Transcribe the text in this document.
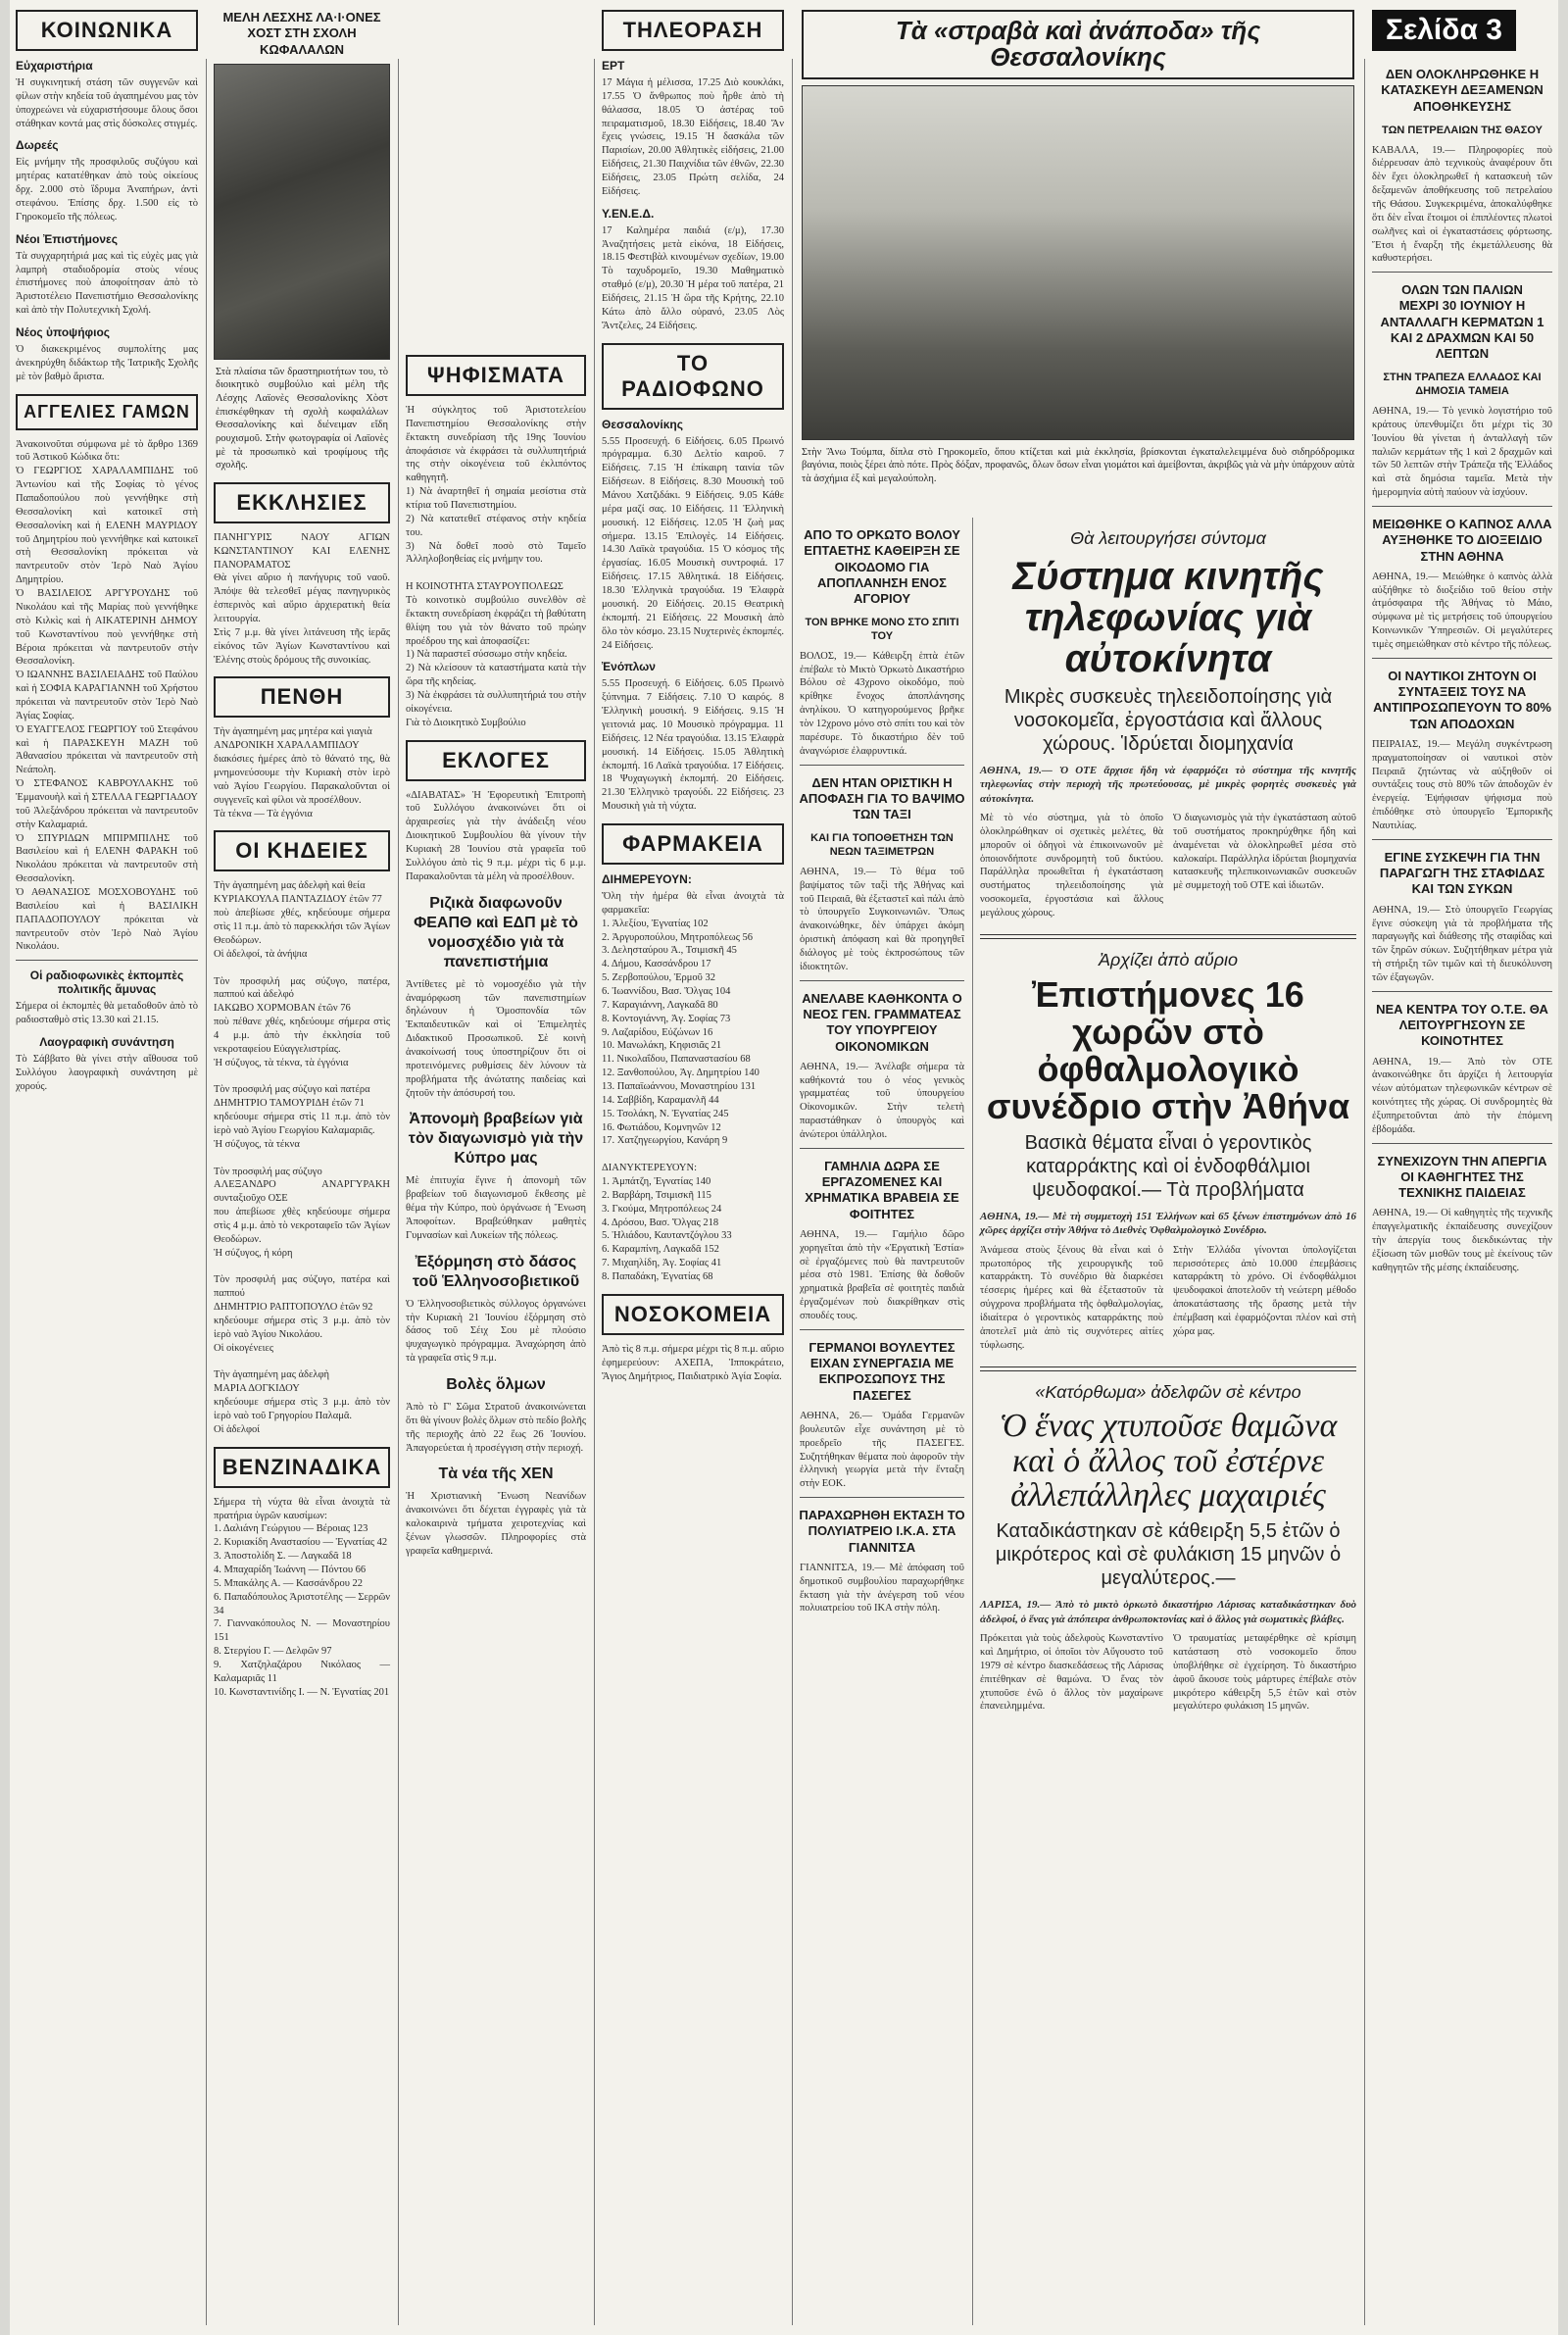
ΚΟΙΝΩΝΙΚΑ
Εὐχαριστήρια
Ἡ συγκινητική στάση τῶν συγγενῶν καὶ φίλων στὴν κηδεία τοῦ ἀγαπημένου μας τὸν ὑποχρεώνει νὰ εὐχαριστήσουμε ὅλους ὅσοι στάθηκαν κοντά μας στὶς δύσκολες στιγμές.
Δωρεές
Εἰς μνήμην τῆς προσφιλοῦς συζύγου καὶ μητέρας κατατέθηκαν ἀπὸ τοὺς οἰκείους δρχ. 2.000 στὸ ἵδρυμα Ἀναπήρων, ἀντὶ στεφάνου. Ἐπίσης δρχ. 1.500 εἰς τὸ Γηροκομεῖο τῆς πόλεως.
Νέοι Ἐπιστήμονες
Τὰ συγχαρητήριά μας καὶ τὶς εὐχὲς μας γιὰ λαμπρὴ σταδιοδρομία στοὺς νέους ἐπιστήμονες ποὺ ἀποφοίτησαν ἀπὸ τὸ Ἀριστοτέλειο Πανεπιστήμιο Θεσσαλονίκης καὶ ἀπὸ τὴν Πολυτεχνικὴ Σχολή.
Νέος ὑποψήφιος
Ὁ διακεκριμένος συμπολίτης μας ἀνεκηρύχθη διδάκτωρ τῆς Ἰατρικῆς Σχολῆς μὲ τὸν βαθμὸ ἄριστα.
ΑΓΓΕΛΙΕΣ ΓΑΜΩΝ
Ἀνακοινοῦται σύμφωνα μὲ τὸ ἄρθρο 1369 τοῦ Ἀστικοῦ Κώδικα ὅτι:
Ὁ ΓΕΩΡΓΙΟΣ ΧΑΡΑΛΑΜΠΙΔΗΣ τοῦ Ἀντωνίου καὶ τῆς Σοφίας τὸ γένος Παπαδοπούλου ποὺ γεννήθηκε στὴ Θεσσαλονίκη καὶ κατοικεῖ στὴ Θεσσαλονίκη καὶ ἡ ΕΛΕΝΗ ΜΑΥΡΙΔΟΥ τοῦ Δημητρίου ποὺ γεννήθηκε καὶ κατοικεῖ στὴ Θεσσαλονίκη πρόκειται νὰ παντρευτοῦν στὸν Ἱερὸ Ναὸ Ἁγίου Δημητρίου.
Ὁ ΒΑΣΙΛΕΙΟΣ ΑΡΓΥΡΟΥΔΗΣ τοῦ Νικολάου καὶ τῆς Μαρίας ποὺ γεννήθηκε στὸ Κιλκὶς καὶ ἡ ΑΙΚΑΤΕΡΙΝΗ ΔΗΜΟΥ τοῦ Κωνσταντίνου ποὺ γεννήθηκε στὴ Βέροια πρόκειται νὰ παντρευτοῦν στὴν Θεσσαλονίκη.
Ὁ ΙΩΑΝΝΗΣ ΒΑΣΙΛΕΙΑΔΗΣ τοῦ Παύλου καὶ ἡ ΣΟΦΙΑ ΚΑΡΑΓΙΑΝΝΗ τοῦ Χρήστου πρόκειται νὰ παντρευτοῦν στὸν Ἱερὸ Ναὸ Ἁγίας Σοφίας.
Ὁ ΕΥΑΓΓΕΛΟΣ ΓΕΩΡΓΙΟΥ τοῦ Στεφάνου καὶ ἡ ΠΑΡΑΣΚΕΥΗ ΜΑΖΗ τοῦ Ἀθανασίου πρόκειται νὰ παντρευτοῦν στὴ Νεάπολη.
Ὁ ΣΤΕΦΑΝΟΣ ΚΑΒΡΟΥΛΑΚΗΣ τοῦ Ἐμμανουὴλ καὶ ἡ ΣΤΕΛΛΑ ΓΕΩΡΓΙΑΔΟΥ τοῦ Ἀλεξάνδρου πρόκειται νὰ παντρευτοῦν στὴν Καλαμαριά.
Ὁ ΣΠΥΡΙΔΩΝ ΜΠΙΡΜΠΙΛΗΣ τοῦ Βασιλείου καὶ ἡ ΕΛΕΝΗ ΦΑΡΑΚΗ τοῦ Νικολάου πρόκειται νὰ παντρευτοῦν στὴ Θεσσαλονίκη.
Ὁ ΑΘΑΝΑΣΙΟΣ ΜΟΣΧΟΒΟΥΔΗΣ τοῦ Βασιλείου καὶ ἡ ΒΑΣΙΛΙΚΗ ΠΑΠΑΔΟΠΟΥΛΟΥ πρόκειται νὰ παντρευτοῦν στὸν Ἱερὸ Ναὸ Ἁγίου Νικολάου.
Οἱ ραδιοφωνικὲς ἐκπομπὲς πολιτικῆς ἄμυνας
Σήμερα οἱ ἐκπομπὲς θὰ μεταδοθοῦν ἀπὸ τὸ ραδιοσταθμὸ στὶς 13.30 καὶ 21.15.
Λαογραφικὴ συνάντηση
Τὸ Σάββατο θὰ γίνει στὴν αἴθουσα τοῦ Συλλόγου λαογραφικὴ συνάντηση μὲ χορούς.
ΜΕΛΗ ΛΕΣΧΗΣ ΛΑ·Ι·ΟΝΕΣ ΧΟΣΤ ΣΤΗ ΣΧΟΛΗ ΚΩΦΑΛΑΛΩΝ
Στὰ πλαίσια τῶν δραστηριοτήτων του, τὸ διοικητικὸ συμβούλιο καὶ μέλη τῆς Λέσχης Λαϊονὲς Θεσσαλονίκης Χὸστ ἐπισκέφθηκαν τὴ σχολὴ κωφαλάλων Θεσσαλονίκης καὶ διένειμαν εἴδη ρουχισμοῦ. Στὴν φωτογραφία οἱ Λαϊονὲς μὲ τὰ προσωπικὸ καὶ τροφίμους τῆς σχολῆς.
ΕΚΚΛΗΣΙΕΣ
ΠΑΝΗΓΥΡΙΣ ΝΑΟΥ ΑΓΙΩΝ ΚΩΝΣΤΑΝΤΙΝΟΥ ΚΑΙ ΕΛΕΝΗΣ ΠΑΝΟΡΑΜΑΤΟΣ
Θὰ γίνει αὔριο ἡ πανήγυρις τοῦ ναοῦ. Ἀπόψε θὰ τελεσθεῖ μέγας πανηγυρικὸς ἑσπερινὸς καὶ αὔριο ἀρχιερατικὴ θεία λειτουργία.
Στὶς 7 μ.μ. θὰ γίνει λιτάνευση τῆς ἱερᾶς εἰκόνος τῶν Ἁγίων Κωνσταντίνου καὶ Ἑλένης στοὺς δρόμους τῆς συνοικίας.
ΠΕΝΘΗ
Τὴν ἀγαπημένη μας μητέρα καὶ γιαγιὰ
ΑΝΔΡΟΝΙΚΗ ΧΑΡΑΛΑΜΠΙΔΟΥ
διακόσιες ἡμέρες ἀπὸ τὸ θάνατό της, θὰ μνημονεύσουμε τὴν Κυριακὴ στὸν ἱερὸ ναὸ Ἁγίου Γεωργίου. Παρακαλοῦνται οἱ συγγενεῖς καὶ φίλοι νὰ προσέλθουν.
Τὰ τέκνα — Τὰ ἐγγόνια
ΟΙ ΚΗΔΕΙΕΣ
Τὴν ἀγαπημένη μας ἀδελφὴ καὶ θεία
ΚΥΡΙΑΚΟΥΛΑ ΠΑΝΤΑΖΙΔΟΥ ἐτῶν 77
ποὺ ἀπεβίωσε χθές, κηδεύουμε σήμερα στὶς 11 π.μ. ἀπὸ τὸ παρεκκλήσι τῶν Ἁγίων Θεοδώρων.
Οἱ ἀδελφοί, τὰ ἀνήψια

Τὸν προσφιλή μας σύζυγο, πατέρα, παππού καὶ ἀδελφό
ΙΑΚΩΒΟ ΧΟΡΜΟΒΑΝ ἐτῶν 76
ποὺ πέθανε χθές, κηδεύουμε σήμερα στὶς 4 μ.μ. ἀπὸ τὴν ἐκκλησία τοῦ νεκροταφείου Εὐαγγελιστρίας.
Ἡ σύζυγος, τὰ τέκνα, τὰ ἐγγόνια

Τὸν προσφιλή μας σύζυγο καὶ πατέρα
ΔΗΜΗΤΡΙΟ ΤΑΜΟΥΡΙΔΗ ἐτῶν 71
κηδεύουμε σήμερα στὶς 11 π.μ. ἀπὸ τὸν ἱερὸ ναὸ Ἁγίου Γεωργίου Καλαμαριᾶς.
Ἡ σύζυγος, τὰ τέκνα

Τὸν προσφιλή μας σύζυγο
ΑΛΕΞΑΝΔΡΟ ΑΝΑΡΓΥΡΑΚΗ συνταξιοῦχο ΟΣΕ
που ἀπεβίωσε χθὲς κηδεύουμε σήμερα στὶς 4 μ.μ. ἀπὸ τὸ νεκροταφεῖο τῶν Ἁγίων Θεοδώρων.
Ἡ σύζυγος, ἡ κόρη

Τὸν προσφιλή μας σύζυγο, πατέρα καὶ παππού
ΔΗΜΗΤΡΙΟ ΡΑΠΤΟΠΟΥΛΟ ἐτῶν 92
κηδεύουμε σήμερα στὶς 3 μ.μ. ἀπὸ τὸν ἱερὸ ναὸ Ἁγίου Νικολάου.
Οἱ οἰκογένειες

Τὴν ἀγαπημένη μας ἀδελφὴ
ΜΑΡΙΑ ΔΟΓΚΙΔΟΥ
κηδεύουμε σήμερα στὶς 3 μ.μ. ἀπὸ τὸν ἱερὸ ναὸ τοῦ Γρηγορίου Παλαμᾶ.
Οἱ ἀδελφοί
ΒΕΝΖΙΝΑΔΙΚΑ
Σήμερα τὴ νύχτα θὰ εἶναι ἀνοιχτὰ τὰ πρατήρια ὑγρῶν καυσίμων:
1. Δαλιάνη Γεώργιου — Βέροιας 123
2. Κυριακίδη Αναστασίου — Ἐγνατίας 42
3. Ἀποστολίδη Σ. — Λαγκαδᾶ 18
4. Μπαχαρίδη Ἰωάννη — Πόντου 66
5. Μπακάλης Α. — Κασσάνδρου 22
6. Παπαδόπουλος Ἀριστοτέλης — Σερρῶν 34
7. Γιαννακόπουλος Ν. — Μοναστηρίου 151
8. Στεργίου Γ. — Δελφῶν 97
9. Χατζηλαζάρου Νικόλαος — Καλαμαριᾶς 11
10. Κωνσταντινίδης Ι. — Ν. Ἐγνατίας 201
ΤΗΛΕΟΡΑΣΗ
ΕΡΤ
17 Μάγια ἡ μέλισσα, 17.25 Διὸ κουκλάκι, 17.55 Ὁ ἄνθρωπος ποὺ ἦρθε ἀπὸ τὴ θάλασσα, 18.05 Ὁ ἀστέρας τοῦ πειραματισμοῦ, 18.30 Εἰδήσεις, 18.40 Ἄν ἔχεις γνώσεις, 19.15 Ἡ δασκάλα τῶν Παρισίων, 20.00 Ἀθλητικὲς εἰδήσεις, 21.00 Εἰδήσεις, 21.30 Παιχνίδια τῶν ἐθνῶν, 22.30 Εἰδήσεις, 23.05 Πρώτη σελίδα, 24 Εἰδήσεις.
Υ.ΕΝ.Ε.Δ.
17 Καλημέρα παιδιά (ε/μ), 17.30 Ἀναζητήσεις μετὰ εἰκόνα, 18 Εἰδήσεις, 18.15 Φεστιβὰλ κινουμένων σχεδίων, 19.00 Τὸ ταχυδρομεῖο, 19.30 Μαθηματικὸ σταθμό (ε/μ), 20.30 Ἡ μέρα τοῦ πατέρα, 21 Εἰδήσεις, 21.15 Ἡ ὥρα τῆς Κρήτης, 22.10 Κάτω ἀπὸ ἄλλο οὐρανό, 23.05 Λὸς Ἄντζελες, 24 Εἰδήσεις.
ΤΟ ΡΑΔΙΟΦΩΝΟ
Θεσσαλονίκης
5.55 Προσευχή. 6 Εἰδήσεις. 6.05 Πρωινό πρόγραμμα. 6.30 Δελτίο καιροῦ. 7 Εἰδήσεις. 7.15 Ἡ ἐπίκαιρη ταινία τῶν Εἰδήσεων. 8 Εἰδήσεις. 8.30 Μουσικὴ τοῦ Μάνου Χατζιδάκι. 9 Εἰδήσεις. 9.05 Κάθε μέρα μαζί σας. 10 Εἰδήσεις. 11 Ἐλληνικὴ μουσική. 12 Εἰδήσεις. 12.05 Ἡ ζωὴ μας σήμερα. 13.15 Ἐπιλογὲς. 14 Εἰδήσεις. 14.30 Λαϊκὰ τραγούδια. 15 Ὁ κόσμος τῆς ἐργασίας. 16.05 Μουσικὴ συντροφιά. 17 Εἰδήσεις. 17.15 Ἀθλητικά. 18 Εἰδήσεις. 18.30 Ἐλληνικὰ τραγούδια. 19 Ἐλαφρὰ μουσική. 20 Εἰδήσεις. 20.15 Θεατρικὴ ἐκπομπή. 21 Εἰδήσεις. 22 Μουσικὴ ἀπὸ ὅλο τὸν κόσμο. 23.15 Νυχτερινὲς ἐκπομπές. 24 Εἰδήσεις.
Ἐνόπλων
5.55 Προσευχή. 6 Εἰδήσεις. 6.05 Πρωινὸ ξύπνημα. 7 Εἰδήσεις. 7.10 Ὁ καιρός. 8 Ἐλληνικὴ μουσική. 9 Εἰδήσεις. 9.15 Ἡ γειτονιά μας. 10 Μουσικὸ πρόγραμμα. 11 Εἰδήσεις. 12 Νέα τραγούδια. 13.15 Ἐλαφρὰ μουσική. 14 Εἰδήσεις. 15.05 Ἀθλητικὴ ἐκπομπή. 16 Λαϊκὰ τραγούδια. 17 Εἰδήσεις. 18 Ψυχαγωγικὴ ἐκπομπή. 20 Εἰδήσεις. 21.30 Ἐλληνικὸ τραγούδι. 22 Εἰδήσεις. 23 Μουσικὴ γιὰ τὴ νύχτα.
ΦΑΡΜΑΚΕΙΑ
ΔΙΗΜΕΡΕΥΟΥΝ:
Ὅλη τὴν ἡμέρα θὰ εἶναι ἀνοιχτὰ τὰ φαρμακεῖα:
1. Ἀλεξίου, Ἐγνατίας 102
2. Ἀργυροπούλου, Μητροπόλεως 56
3. Δελησταύρου Ἀ., Τσιμισκῆ 45
4. Δήμου, Κασσάνδρου 17
5. Ζερβοπούλου, Ἑρμοῦ 32
6. Ἰωαννίδου, Βασ. Ὄλγας 104
7. Καραγιάννη, Λαγκαδᾶ 80
8. Κοντογιάννη, Ἀγ. Σοφίας 73
9. Λαζαρίδου, Εὐζώνων 16
10. Μανωλάκη, Κηφισιᾶς 21
11. Νικολαΐδου, Παπαναστασίου 68
12. Ξανθοπούλου, Ἁγ. Δημητρίου 140
13. Παπαϊωάννου, Μοναστηρίου 131
14. Σαββίδη, Καραμανλῆ 44
15. Τσολάκη, Ν. Ἐγνατίας 245
16. Φωτιάδου, Κομνηνῶν 12
17. Χατζηγεωργίου, Κανάρη 9

ΔΙΑΝΥΚΤΕΡΕΥΟΥΝ:
1. Ἀμπάτζη, Ἐγνατίας 140
2. Βαρβάρη, Τσιμισκῆ 115
3. Γκούμα, Μητροπόλεως 24
4. Δρόσου, Βασ. Ὄλγας 218
5. Ἡλιάδου, Καυταντζόγλου 33
6. Καραμπίνη, Λαγκαδᾶ 152
7. Μιχαηλίδη, Ἀγ. Σοφίας 41
8. Παπαδάκη, Ἐγνατίας 68
ΝΟΣΟΚΟΜΕΙΑ
Ἀπὸ τὶς 8 π.μ. σήμερα μέχρι τὶς 8 π.μ. αὔριο ἐφημερεύουν: ΑΧΕΠΑ, Ἱπποκράτειο, Ἅγιος Δημήτριος, Παιδιατρικὸ Ἁγία Σοφία.
ΨΗΦΙΣΜΑΤΑ
Ἡ σύγκλητος τοῦ Ἀριστοτελείου Πανεπιστημίου Θεσσαλονίκης στὴν ἔκτακτη συνεδρίαση τῆς 19ης Ἰουνίου ἀποφάσισε νὰ ἐκφράσει τὰ συλλυπητήριά της στὴν οἰκογένεια τοῦ ἐκλιπόντος καθηγητῆ.
1) Νὰ ἀναρτηθεῖ ἡ σημαία μεσίστια στὰ κτίρια τοῦ Πανεπιστημίου.
2) Νὰ κατατεθεῖ στέφανος στὴν κηδεία του.
3) Νὰ δοθεῖ ποσὸ στὸ Ταμεῖο Ἀλληλοβοηθείας εἰς μνήμην του.

Η ΚΟΙΝΟΤΗΤΑ ΣΤΑΥΡΟΥΠΟΛΕΩΣ
Τὸ κοινοτικὸ συμβούλιο συνελθὸν σὲ ἔκτακτη συνεδρίαση ἐκφράζει τὴ βαθύτατη θλίψη του γιὰ τὸν θάνατο τοῦ πρώην προέδρου της καὶ ἀποφασίζει:
1) Νὰ παραστεῖ σύσσωμο στὴν κηδεία.
2) Νὰ κλείσουν τὰ καταστήματα κατὰ τὴν ὥρα τῆς κηδείας.
3) Νὰ ἐκφράσει τὰ συλλυπητήριά του στὴν οἰκογένεια.
Γιὰ τὸ Διοικητικὸ Συμβούλιο
ΕΚΛΟΓΕΣ
«ΔΙΑΒΑΤΑΣ» Ἡ Ἐφορευτικὴ Ἐπιτροπὴ τοῦ Συλλόγου ἀνακοινώνει ὅτι οἱ ἀρχαιρεσίες γιὰ τὴν ἀνάδειξη νέου Διοικητικοῦ Συμβουλίου θὰ γίνουν τὴν Κυριακὴ 28 Ἰουνίου στὰ γραφεῖα τοῦ Συλλόγου ἀπὸ τὶς 9 π.μ. μέχρι τὶς 6 μ.μ. Παρακαλοῦνται τὰ μέλη νὰ προσέλθουν.
Ριζικὰ διαφωνοῦν ΦΕΑΠΘ καὶ ΕΔΠ μὲ τὸ νομοσχέδιο γιὰ τὰ πανεπιστήμια
Ἀντίθετες μὲ τὸ νομοσχέδιο γιὰ τὴν ἀναμόρφωση τῶν πανεπιστημίων δηλώνουν ἡ Ὁμοσπονδία τῶν Ἐκπαιδευτικῶν καὶ οἱ Ἐπιμελητὲς Διδακτικοῦ Προσωπικοῦ. Σὲ κοινὴ ἀνακοίνωσή τους ὑποστηρίζουν ὅτι οἱ προτεινόμενες ρυθμίσεις δὲν λύνουν τὰ προβλήματα τῆς ἀνώτατης παιδείας καὶ ζητοῦν τὴν ἀπόσυρσή του.
Ἀπονομὴ βραβείων γιὰ τὸν διαγωνισμὸ γιὰ τὴν Κύπρο μας
Μὲ ἐπιτυχία ἔγινε ἡ ἀπονομὴ τῶν βραβείων τοῦ διαγωνισμοῦ ἔκθεσης μὲ θέμα τὴν Κύπρο, ποὺ ὀργάνωσε ἡ Ἕνωση Ἀποφοίτων. Βραβεύθηκαν μαθητὲς Γυμνασίων καὶ Λυκείων τῆς πόλεως.
Ἐξόρμηση στὸ δάσος τοῦ Ἑλληνοσοβιετικοῦ
Ὁ Ἑλληνοσοβιετικὸς σύλλογος ὀργανώνει τὴν Κυριακὴ 21 Ἰουνίου ἐξόρμηση στὸ δάσος τοῦ Σέιχ Σου μὲ πλούσιο ψυχαγωγικὸ πρόγραμμα. Ἀναχώρηση ἀπὸ τὰ γραφεῖα στὶς 9 π.μ.
Βολὲς ὅλμων
Ἀπὸ τὸ Γ' Σῶμα Στρατοῦ ἀνακοινώνεται ὅτι θὰ γίνουν βολὲς ὅλμων στὸ πεδίο βολῆς τῆς περιοχῆς ἀπὸ 22 ἕως 26 Ἰουνίου. Ἀπαγορεύεται ἡ προσέγγιση στὴν περιοχή.
Τὰ νέα τῆς ΧΕΝ
Ἡ Χριστιανικὴ Ἕνωση Νεανίδων ἀνακοινώνει ὅτι δέχεται ἐγγραφὲς γιὰ τὰ καλοκαιρινὰ τμήματα χειροτεχνίας καὶ ξένων γλωσσῶν. Πληροφορίες στὰ γραφεῖα καθημερινά.
Τὰ «στραβὰ καὶ ἀνάποδα» τῆς Θεσσαλονίκης
Στὴν Ἄνω Τούμπα, δίπλα στὸ Γηροκομεῖο, ὅπου κτίζεται καὶ μιὰ ἐκκλησία, βρίσκονται ἐγκαταλελειμμένα δυὸ σιδηρόδρομικα βαγόνια, ποιὸς ξέρει ἀπὸ πότε. Πρὸς δόξαν, προφανῶς, ὅλων ὅσων εἶναι γιομάτοι καὶ ἀμείβονται, ἀκριβῶς γιὰ νὰ μὴν ὑπάρχουν αὐτὰ τὰ ἀσχήμια ἐξ καὶ μεγαλούπολη.
ΑΠΟ ΤΟ ΟΡΚΩΤΟ ΒΟΛΟΥ
ΕΠΤΑΕΤΗΣ ΚΑΘΕΙΡΞΗ ΣΕ ΟΙΚΟΔΟΜΟ ΓΙΑ ΑΠΟΠΛΑΝΗΣΗ ΕΝΟΣ ΑΓΟΡΙΟΥ
ΤΟΝ ΒΡΗΚΕ ΜΟΝΟ ΣΤΟ ΣΠΙΤΙ ΤΟΥ
ΒΟΛΟΣ, 19.— Κάθειρξη ἑπτὰ ἐτῶν ἐπέβαλε τὸ Μικτὸ Ὁρκωτὸ Δικαστήριο Βόλου σὲ 43χρονο οἰκοδόμο, ποὺ κρίθηκε ἔνοχος ἀποπλάνησης ἀνηλίκου. Ὁ κατηγορούμενος βρῆκε τὸν 12χρονο μόνο στὸ σπίτι του καὶ τὸν παρέσυρε. Τὸ δικαστήριο δὲν τοῦ ἀναγνώρισε ἐλαφρυντικά.
ΔΕΝ ΗΤΑΝ ΟΡΙΣΤΙΚΗ Η ΑΠΟΦΑΣΗ ΓΙΑ ΤΟ ΒΑΨΙΜΟ ΤΩΝ ΤΑΞΙ
ΚΑΙ ΓΙΑ ΤΟΠΟΘΕΤΗΣΗ ΤΩΝ ΝΕΩΝ ΤΑΞΙΜΕΤΡΩΝ
ΑΘΗΝΑ, 19.— Τὸ θέμα τοῦ βαψίματος τῶν ταξὶ τῆς Ἀθήνας καὶ τοῦ Πειραιᾶ, θὰ ἐξεταστεῖ καὶ πάλι ἀπὸ τὸ ὑπουργεῖο Συγκοινωνιῶν. Ὅπως ἀνακοινώθηκε, δὲν ὑπάρχει ἀκόμη ὁριστικὴ ἀπόφαση καὶ θὰ προηγηθεῖ διάλογος μὲ τοὺς ἐκπροσώπους τῶν ἰδιοκτητῶν.
ΑΝΕΛΑΒΕ ΚΑΘΗΚΟΝΤΑ Ο ΝΕΟΣ ΓΕΝ. ΓΡΑΜΜΑΤΕΑΣ ΤΟΥ ΥΠΟΥΡΓΕΙΟΥ ΟΙΚΟΝΟΜΙΚΩΝ
ΑΘΗΝΑ, 19.— Ἀνέλαβε σήμερα τὰ καθήκοντά του ὁ νέος γενικὸς γραμματέας τοῦ ὑπουργείου Οἰκονομικῶν. Στὴν τελετὴ παραστάθηκαν ὁ ὑπουργὸς καὶ ἀνώτεροι ὑπάλληλοι.
ΓΑΜΗΛΙΑ ΔΩΡΑ ΣΕ ΕΡΓΑΖΟΜΕΝΕΣ ΚΑΙ ΧΡΗΜΑΤΙΚΑ ΒΡΑΒΕΙΑ ΣΕ ΦΟΙΤΗΤΕΣ
ΑΘΗΝΑ, 19.— Γαμήλιο δῶρο χορηγεῖται ἀπὸ τὴν «Ἐργατικὴ Ἑστία» σὲ ἐργαζόμενες ποὺ θὰ παντρευτοῦν μέσα στὸ 1981. Ἐπίσης θὰ δοθοῦν χρηματικὰ βραβεῖα σὲ φοιτητὲς παιδιὰ ἐργαζομένων ποὺ διακρίθηκαν στὶς σπουδές τους.
ΓΕΡΜΑΝΟΙ ΒΟΥΛΕΥΤΕΣ ΕΙΧΑΝ ΣΥΝΕΡΓΑΣΙΑ ΜΕ ΕΚΠΡΟΣΩΠΟΥΣ ΤΗΣ ΠΑΣΕΓΕΣ
ΑΘΗΝΑ, 26.— Ὁμάδα Γερμανῶν βουλευτῶν εἶχε συνάντηση μὲ τὸ προεδρεῖο τῆς ΠΑΣΕΓΕΣ. Συζητήθηκαν θέματα ποὺ ἀφοροῦν τὴν ἑλληνικὴ γεωργία μετὰ τὴν ἔνταξη στὴν ΕΟΚ.
ΠΑΡΑΧΩΡΗΘΗ ΕΚΤΑΣΗ ΤΟ ΠΟΛΥΙΑΤΡΕΙΟ Ι.Κ.Α. ΣΤΑ ΓΙΑΝΝΙΤΣΑ
ΓΙΑΝΝΙΤΣΑ, 19.— Μὲ ἀπόφαση τοῦ δημοτικοῦ συμβουλίου παραχωρήθηκε ἔκταση γιὰ τὴν ἀνέγερση τοῦ νέου πολυιατρείου τοῦ ΙΚΑ στὴν πόλη.
Θὰ λειτουργήσει σύντομα
Σύστημα κινητῆς τηλεφωνίας γιὰ αὐτοκίνητα
Μικρὲς συσκευὲς τηλεειδοποίησης γιὰ νοσοκομεῖα, ἐργοστάσια καὶ ἄλλους χώρους. Ἱδρύεται διομηχανία
ΑΘΗΝΑ, 19.— Ὁ ΟΤΕ ἄρχισε ἤδη νὰ ἐφαρμόζει τὸ σύστημα τῆς κινητῆς τηλεφωνίας στὴν περιοχὴ τῆς πρωτεύουσας, μὲ μικρὲς φορητὲς συσκευὲς γιὰ αὐτοκίνητα.
Μὲ τὸ νέο σύστημα, γιὰ τὸ ὁποῖο ὁλοκληρώθηκαν οἱ σχετικὲς μελέτες, θὰ μποροῦν οἱ ὀδηγοὶ νὰ ἐπικοινωνοῦν μὲ ὁποιονδήποτε συνδρομητὴ τοῦ δικτύου. Παράλληλα προωθεῖται ἡ ἐγκατάσταση συστήματος τηλεειδοποίησης γιὰ νοσοκομεῖα, ἐργοστάσια καὶ ἄλλους μεγάλους χώρους.
Ὁ διαγωνισμὸς γιὰ τὴν ἐγκατάσταση αὐτοῦ τοῦ συστήματος προκηρύχθηκε ἤδη καὶ ἀναμένεται νὰ ὁλοκληρωθεῖ μέσα στὸ καλοκαίρι. Παράλληλα ἱδρύεται βιομηχανία κατασκευῆς τηλεπικοινωνιακῶν συσκευῶν μὲ συμμετοχὴ τοῦ ΟΤΕ καὶ ἰδιωτῶν.
Ἀρχίζει ἀπὸ αὔριο
Ἐπιστήμονες 16 χωρῶν στὸ ὀφθαλμολογικὸ συνέδριο στὴν Ἀθήνα
Βασικὰ θέματα εἶναι ὁ γεροντικὸς καταρράκτης καὶ οἱ ἐνδοφθάλμιοι ψευδοφακοί.— Τὰ προβλήματα
ΑΘΗΝΑ, 19.— Μὲ τὴ συμμετοχὴ 151 Ἑλλήνων καὶ 65 ξένων ἐπιστημόνων ἀπὸ 16 χῶρες ἀρχίζει στὴν Ἀθήνα τὸ Διεθνὲς Ὀφθαλμολογικὸ Συνέδριο.
Ἀνάμεσα στοὺς ξένους θὰ εἶναι καὶ ὁ πρωτοπόρος τῆς χειρουργικῆς τοῦ καταρράκτη. Τὸ συνέδριο θὰ διαρκέσει τέσσερις ἡμέρες καὶ θὰ ἐξεταστοῦν τὰ σύγχρονα προβλήματα τῆς ὀφθαλμολογίας, ἰδιαίτερα ὁ γεροντικὸς καταρράκτης ποὺ ἀποτελεῖ μιὰ ἀπὸ τὶς συχνότερες αἰτίες τύφλωσης.
Στὴν Ἑλλάδα γίνονται ὑπολογίζεται περισσότερες ἀπὸ 10.000 ἐπεμβάσεις καταρράκτη τὸ χρόνο. Οἱ ἐνδοφθάλμιοι ψευδοφακοὶ ἀποτελοῦν τὴ νεώτερη μέθοδο ἀποκατάστασης τῆς ὅρασης μετὰ τὴν ἐπέμβαση καὶ ἐφαρμόζονται πλέον καὶ στὴ χώρα μας.
«Κατόρθωμα» ἀδελφῶν σὲ κέντρο
Ὁ ἕνας χτυποῦσε θαμῶνα καὶ ὁ ἄλλος τοῦ ἐστέρνε ἀλλεπάλληλες μαχαιριές
Καταδικάστηκαν σὲ κάθειρξη 5,5 ἐτῶν ὁ μικρότερος καὶ σὲ φυλάκιση 15 μηνῶν ὁ μεγαλύτερος.—
ΛΑΡΙΣΑ, 19.— Ἀπὸ τὸ μικτὸ ὁρκωτὸ δικαστήριο Λάρισας καταδικάστηκαν δυὸ ἀδελφοί, ὁ ἕνας γιὰ ἀπόπειρα ἀνθρωποκτονίας καὶ ὁ ἄλλος γιὰ σωματικὲς βλάβες.
Πρόκειται γιὰ τοὺς ἀδελφοὺς Κωνσταντίνο καὶ Δημήτριο, οἱ ὁποῖοι τὸν Αὔγουστο τοῦ 1979 σὲ κέντρο διασκεδάσεως τῆς Λάρισας ἐπιτέθηκαν σὲ θαμώνα. Ὁ ἕνας τὸν χτυποῦσε ἐνῶ ὁ ἄλλος τὸν μαχαίρωνε ἐπανειλημμένα.
Ὁ τραυματίας μεταφέρθηκε σὲ κρίσιμη κατάσταση στὸ νοσοκομεῖο ὅπου ὑποβλήθηκε σὲ ἐγχείρηση. Τὸ δικαστήριο ἀφοῦ ἄκουσε τοὺς μάρτυρες ἐπέβαλε στὸν μικρότερο κάθειρξη 5,5 ἐτῶν καὶ στὸν μεγαλύτερο φυλάκιση 15 μηνῶν.
Σελίδα 3
ΔΕΝ ΟΛΟΚΛΗΡΩΘΗΚΕ Η ΚΑΤΑΣΚΕΥΗ ΔΕΞΑΜΕΝΩΝ ΑΠΟΘΗΚΕΥΣΗΣ
ΤΩΝ ΠΕΤΡΕΛΑΙΩΝ ΤΗΣ ΘΑΣΟΥ
ΚΑΒΑΛΑ, 19.— Πληροφορίες ποὺ διέρρευσαν ἀπὸ τεχνικοὺς ἀναφέρουν ὅτι δὲν ἔχει ὁλοκληρωθεῖ ἡ κατασκευὴ τῶν δεξαμενῶν ἀποθήκευσης τοῦ πετρελαίου τῆς Θάσου. Συγκεκριμένα, ἀποκαλύφθηκε ὅτι δὲν εἶναι ἕτοιμοι οἱ ἐπιπλέοντες πλωτοὶ σωλῆνες καὶ οἱ ἐγκαταστάσεις φόρτωσης. Ἔτσι ἡ ἔναρξη τῆς ἐκμετάλλευσης θὰ καθυστερήσει.
ΟΛΩΝ ΤΩΝ ΠΑΛΙΩΝ
ΜΕΧΡΙ 30 ΙΟΥΝΙΟΥ Η ΑΝΤΑΛΛΑΓΗ ΚΕΡΜΑΤΩΝ 1 ΚΑΙ 2 ΔΡΑΧΜΩΝ ΚΑΙ 50 ΛΕΠΤΩΝ
ΣΤΗΝ ΤΡΑΠΕΖΑ ΕΛΛΑΔΟΣ ΚΑΙ ΔΗΜΟΣΙΑ ΤΑΜΕΙΑ
ΑΘΗΝΑ, 19.— Τὸ γενικὸ λογιστήριο τοῦ κράτους ὑπενθυμίζει ὅτι μέχρι τὶς 30 Ἰουνίου θὰ γίνεται ἡ ἀνταλλαγὴ τῶν παλιῶν κερμάτων τῆς 1 καὶ 2 δραχμῶν καὶ τῶν 50 λεπτῶν στὴν Τράπεζα τῆς Ἑλλάδος καὶ στὰ δημόσια ταμεῖα. Μετὰ τὴν ἡμερομηνία αὐτὴ παύουν νὰ ἰσχύουν.
ΜΕΙΩΘΗΚΕ Ο ΚΑΠΝΟΣ ΑΛΛΑ ΑΥΞΗΘΗΚΕ ΤΟ ΔΙΟΞΕΙΔΙΟ ΣΤΗΝ ΑΘΗΝΑ
ΑΘΗΝΑ, 19.— Μειώθηκε ὁ καπνὸς ἀλλὰ αὐξήθηκε τὸ διοξείδιο τοῦ θείου στὴν ἀτμόσφαιρα τῆς Ἀθήνας τὸ Μάιο, σύμφωνα μὲ τὶς μετρήσεις τοῦ ὑπουργείου Κοινωνικῶν Ὑπηρεσιῶν. Οἱ μεγαλύτερες τιμὲς σημειώθηκαν στὸ κέντρο τῆς πόλεως.
ΟΙ ΝΑΥΤΙΚΟΙ ΖΗΤΟΥΝ ΟΙ ΣΥΝΤΑΞΕΙΣ ΤΟΥΣ ΝΑ ΑΝΤΙΠΡΟΣΩΠΕΥΟΥΝ ΤΟ 80% ΤΩΝ ΑΠΟΔΟΧΩΝ
ΠΕΙΡΑΙΑΣ, 19.— Μεγάλη συγκέντρωση πραγματοποίησαν οἱ ναυτικοὶ στὸν Πειραιᾶ ζητώντας νὰ αὐξηθοῦν οἱ συντάξεις τους στὸ 80% τῶν ἀποδοχῶν ἐν ἐνεργείᾳ. Ἐψήφισαν ψήφισμα ποὺ ἐπιδόθηκε στὸ ὑπουργεῖο Ἐμπορικῆς Ναυτιλίας.
ΕΓΙΝΕ ΣΥΣΚΕΨΗ ΓΙΑ ΤΗΝ ΠΑΡΑΓΩΓΗ ΤΗΣ ΣΤΑΦΙΔΑΣ ΚΑΙ ΤΩΝ ΣΥΚΩΝ
ΑΘΗΝΑ, 19.— Στὸ ὑπουργεῖο Γεωργίας ἔγινε σύσκεψη γιὰ τὰ προβλήματα τῆς παραγωγῆς καὶ διάθεσης τῆς σταφίδας καὶ τῶν ξηρῶν σύκων. Συζητήθηκαν μέτρα γιὰ τὴ στήριξη τῶν τιμῶν καὶ τὴ διευκόλυνση τῶν ἐξαγωγῶν.
ΝΕΑ ΚΕΝΤΡΑ ΤΟΥ Ο.Τ.Ε. ΘΑ ΛΕΙΤΟΥΡΓΗΣΟΥΝ ΣΕ ΚΟΙΝΟΤΗΤΕΣ
ΑΘΗΝΑ, 19.— Ἀπὸ τὸν ΟΤΕ ἀνακοινώθηκε ὅτι ἀρχίζει ἡ λειτουργία νέων αὐτόματων τηλεφωνικῶν κέντρων σὲ κοινότητες τῆς χώρας. Οἱ συνδρομητὲς θὰ ἐξυπηρετοῦνται ἀπὸ τὴν ἐπόμενη ἑβδομάδα.
ΣΥΝΕΧΙΖΟΥΝ ΤΗΝ ΑΠΕΡΓΙΑ ΟΙ ΚΑΘΗΓΗΤΕΣ ΤΗΣ ΤΕΧΝΙΚΗΣ ΠΑΙΔΕΙΑΣ
ΑΘΗΝΑ, 19.— Οἱ καθηγητὲς τῆς τεχνικῆς ἐπαγγελματικῆς ἐκπαίδευσης συνεχίζουν τὴν ἀπεργία τους διεκδικώντας τὴν ἐξίσωση τῶν μισθῶν τους μὲ ἐκείνους τῶν καθηγητῶν τῆς μέσης ἐκπαίδευσης.
